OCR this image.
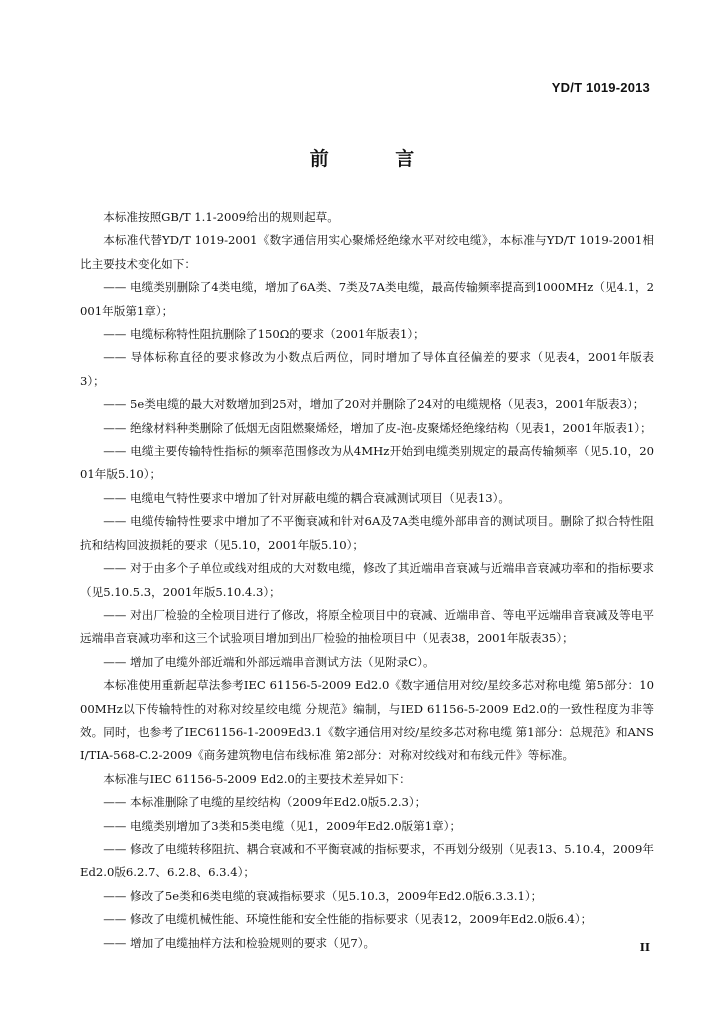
YD/T 1019-2013
前 言

本标准按照GB/T 1.1-2009给出的规则起草。

本标准代替YD/T 1019-2001《数字通信用实心聚烯烃绝缘水平对绞电缆》，本标准与YD/T 1019-2001相比主要技术变化如下：

—— 电缆类别删除了4类电缆，增加了6A类、7类及7A类电缆，最高传输频率提高到1000MHz（见4.1，2001年版第1章）；

—— 电缆标称特性阻抗删除了150Ω的要求（2001年版表1）；

—— 导体标称直径的要求修改为小数点后两位，同时增加了导体直径偏差的要求（见表4，2001年版表3）；

—— 5e类电缆的最大对数增加到25对，增加了20对并删除了24对的电缆规格（见表3，2001年版表3）；

—— 绝缘材料种类删除了低烟无卤阻燃聚烯烃，增加了皮-泡-皮聚烯烃绝缘结构（见表1，2001年版表1）；

—— 电缆主要传输特性指标的频率范围修改为从4MHz开始到电缆类别规定的最高传输频率（见5.10，2001年版5.10）；

—— 电缆电气特性要求中增加了针对屏蔽电缆的耦合衰减测试项目（见表13）。

—— 电缆传输特性要求中增加了不平衡衰减和针对6A及7A类电缆外部串音的测试项目。删除了拟合特性阻抗和结构回波损耗的要求（见5.10，2001年版5.10）；

—— 对于由多个子单位或线对组成的大对数电缆，修改了其近端串音衰减与近端串音衰减功率和的指标要求（见5.10.5.3，2001年版5.10.4.3）；

—— 对出厂检验的全检项目进行了修改，将原全检项目中的衰减、近端串音、等电平远端串音衰减及等电平远端串音衰减功率和这三个试验项目增加到出厂检验的抽检项目中（见表38，2001年版表35）；

—— 增加了电缆外部近端和外部远端串音测试方法（见附录C）。

本标准使用重新起草法参考IEC 61156-5-2009 Ed2.0《数字通信用对绞/星绞多芯对称电缆 第5部分：1000MHz以下传输特性的对称对绞星绞电缆 分规范》编制，与IED 61156-5-2009 Ed2.0的一致性程度为非等效。同时，也参考了IEC61156-1-2009Ed3.1《数字通信用对绞/星绞多芯对称电缆 第1部分：总规范》和ANSI/TIA-568-C.2-2009《商务建筑物电信布线标准 第2部分：对称对绞线对和布线元件》等标准。

本标准与IEC 61156-5-2009 Ed2.0的主要技术差异如下：

—— 本标准删除了电缆的星绞结构（2009年Ed2.0版5.2.3）；

—— 电缆类别增加了3类和5类电缆（见1，2009年Ed2.0版第1章）；

—— 修改了电缆转移阻抗、耦合衰减和不平衡衰减的指标要求，不再划分级别（见表13、5.10.4，2009年Ed2.0版6.2.7、6.2.8、6.3.4）；

—— 修改了5e类和6类电缆的衰减指标要求（见5.10.3，2009年Ed2.0版6.3.3.1）；

—— 修改了电缆机械性能、环境性能和安全性能的指标要求（见表12，2009年Ed2.0版6.4）；

—— 增加了电缆抽样方法和检验规则的要求（见7）。	II
